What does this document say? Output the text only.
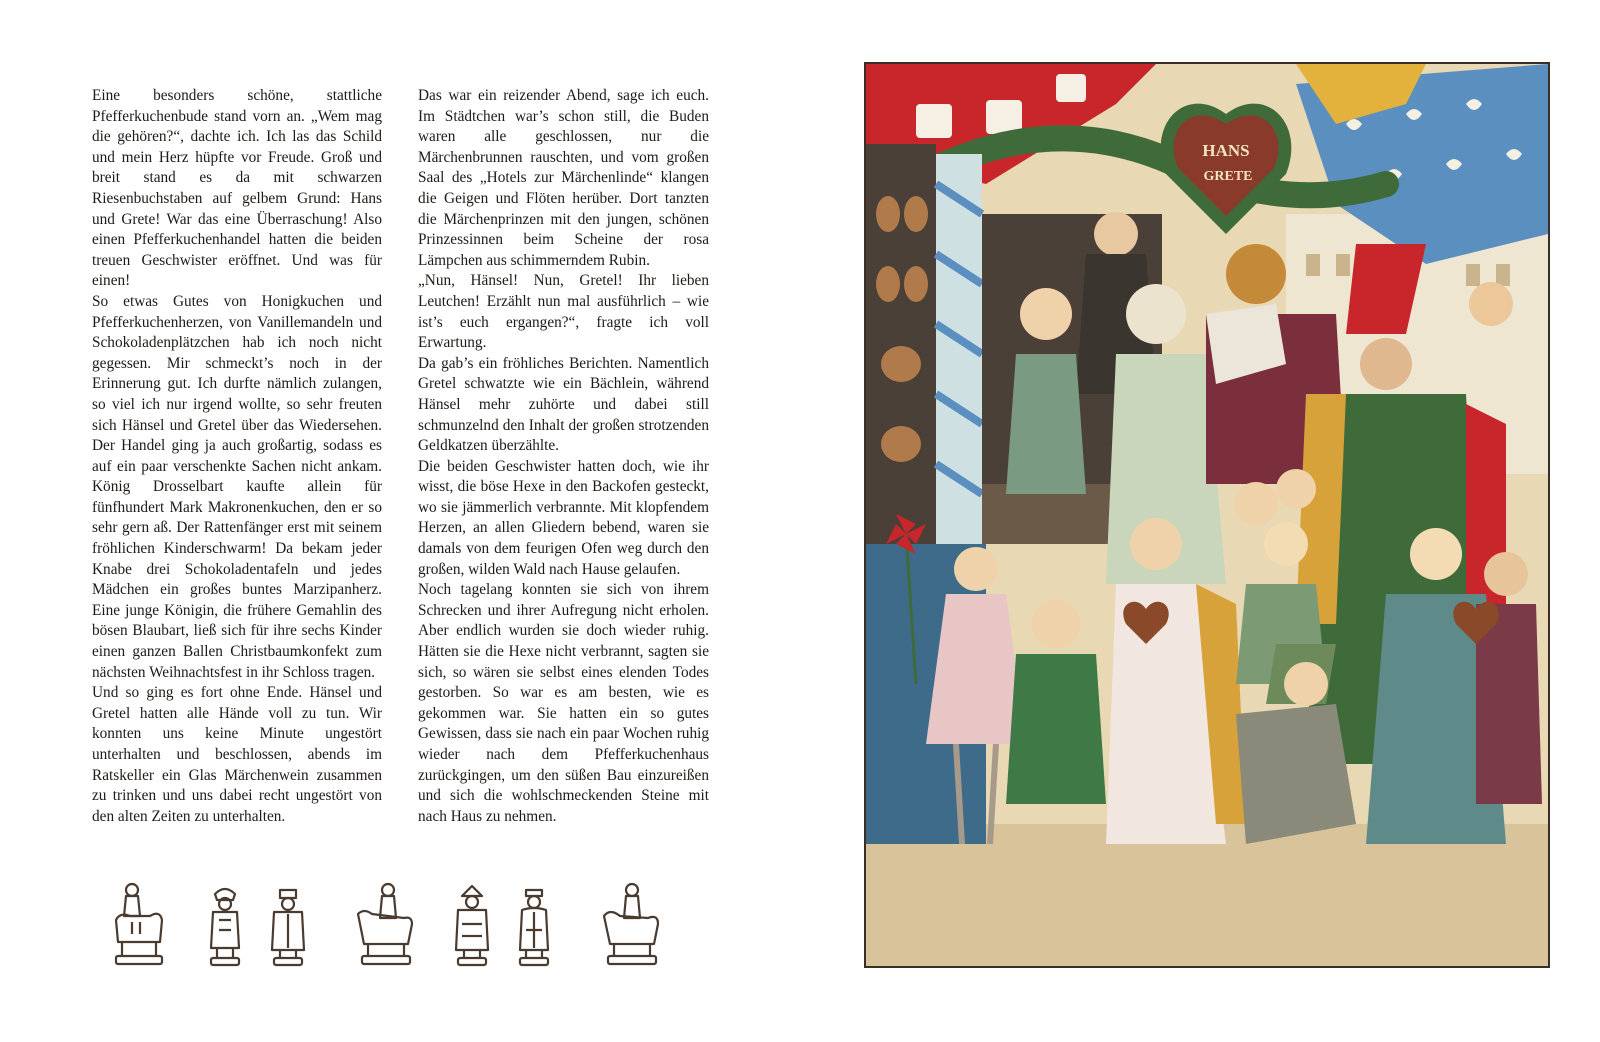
Eine besonders schöne, stattliche Pfefferkuchenbude stand vorn an. „Wem mag die gehören?“, dachte ich. Ich las das Schild und mein Herz hüpfte vor Freude. Groß und breit stand es da mit schwarzen Riesenbuchstaben auf gelbem Grund: Hans und Grete! War das eine Überraschung! Also einen Pfefferkuchenhandel hatten die beiden treuen Geschwister eröffnet. Und was für einen!

So etwas Gutes von Honigkuchen und Pfefferkuchenherzen, von Vanillemandeln und Schokoladenplätzchen hab ich noch nicht gegessen. Mir schmeckt’s noch in der Erinnerung gut. Ich durfte nämlich zulangen, so viel ich nur irgend wollte, so sehr freuten sich Hänsel und Gretel über das Wiedersehen. Der Handel ging ja auch großartig, sodass es auf ein paar verschenkte Sachen nicht ankam. König Drosselbart kaufte allein für fünfhundert Mark Makronenkuchen, den er so sehr gern aß. Der Rattenfänger erst mit seinem fröhlichen Kinderschwarm! Da bekam jeder Knabe drei Schokoladentafeln und jedes Mädchen ein großes buntes Marzipanherz. Eine junge Königin, die frühere Gemahlin des bösen Blaubart, ließ sich für ihre sechs Kinder einen ganzen Ballen Christbaumkonfekt zum nächsten Weihnachtsfest in ihr Schloss tragen.

Und so ging es fort ohne Ende. Hänsel und Gretel hatten alle Hände voll zu tun. Wir konnten uns keine Minute ungestört unterhalten und beschlossen, abends im Ratskeller ein Glas Märchenwein zusammen zu trinken und uns dabei recht ungestört von den alten Zeiten zu unterhalten.

Das war ein reizender Abend, sage ich euch. Im Städtchen war’s schon still, die Buden waren alle geschlossen, nur die Märchenbrunnen rauschten, und vom großen Saal des „Hotels zur Märchenlinde“ klangen die Geigen und Flöten herüber. Dort tanzten die Märchenprinzen mit den jungen, schönen Prinzessinnen beim Scheine der rosa Lämpchen aus schimmerndem Rubin.

„Nun, Hänsel! Nun, Gretel! Ihr lieben Leutchen! Erzählt nun mal ausführlich – wie ist’s euch ergangen?“, fragte ich voll Erwartung.

Da gab’s ein fröhliches Berichten. Namentlich Gretel schwatzte wie ein Bächlein, während Hänsel mehr zuhörte und dabei still schmunzelnd den Inhalt der großen strotzenden Geldkatzen überzählte.

Die beiden Geschwister hatten doch, wie ihr wisst, die böse Hexe in den Backofen gesteckt, wo sie jämmerlich verbrannte. Mit klopfendem Herzen, an allen Gliedern bebend, waren sie damals von dem feurigen Ofen weg durch den großen, wilden Wald nach Hause gelaufen.

Noch tagelang konnten sie sich von ihrem Schrecken und ihrer Aufregung nicht erholen. Aber endlich wurden sie doch wieder ruhig. Hätten sie die Hexe nicht verbrannt, sagten sie sich, so wären sie selbst eines elenden Todes gestorben. So war es am besten, wie es gekommen war. Sie hatten ein so gutes Gewissen, dass sie nach ein paar Wochen ruhig wieder nach dem Pfefferkuchenhaus zurückgingen, um den süßen Bau einzureißen und sich die wohlschmeckenden Steine mit nach Haus zu nehmen.

HANS
GRETE
